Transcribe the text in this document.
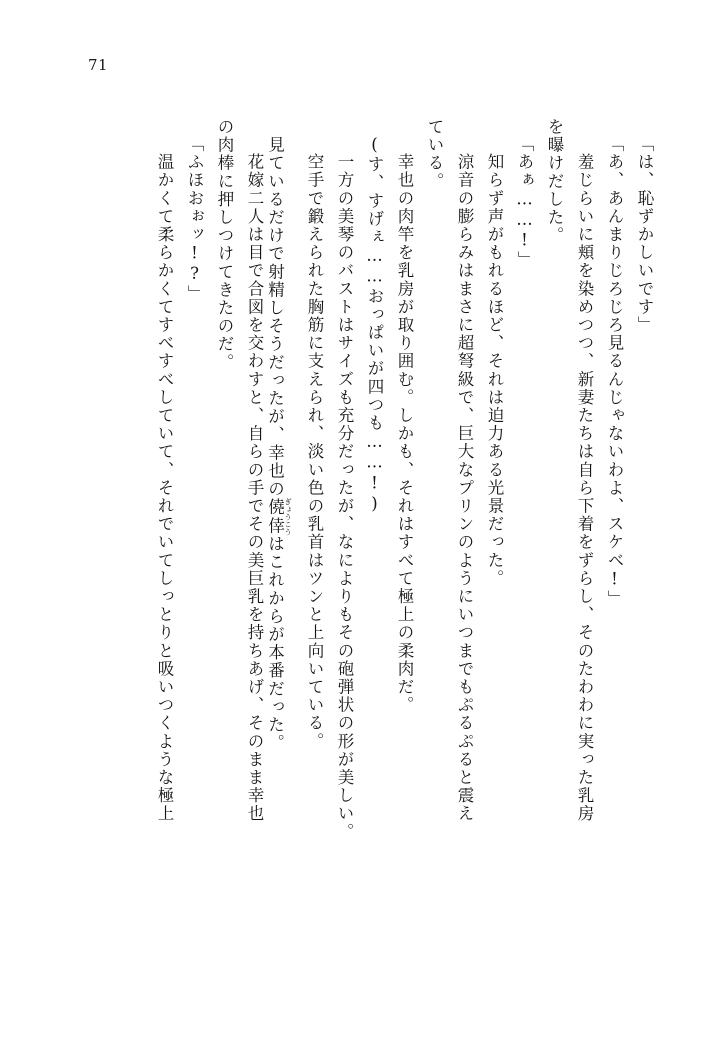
71
「は、恥ずかしいです」
「あ、あんまりじろじろ見るんじゃないわよ、スケベ!」
　羞じらいに頬を染めつつ、新妻たちは自ら下着をずらし、そのたわわに実った乳房
を曝けだした。
「あぁ……!」
　知らず声がもれるほど、それは迫力ある光景だった。
　涼音の膨らみはまさに超弩級で、巨大なプリンのようにいつまでもぷるぷると震え
ている。
　幸也の肉竿を乳房が取り囲む。しかも、それはすべて極上の柔肉だ。
(す、すげぇ……おっぱいが四つも……!)
　一方の美琴のバストはサイズも充分だったが、なによりもその砲弾状の形が美しい。
　空手で鍛えられた胸筋に支えられ、淡い色の乳首はツンと上向いている。
　見ているだけで射精しそうだったが、幸也の僥倖 ぎょうこうはこれからが本番だった。
　花嫁二人は目で合図を交わすと、自らの手でその美巨乳を持ちあげ、そのまま幸也
の肉棒に押しつけてきたのだ。
「ふほおぉッ!?」
　温かくて柔らかくてすべすべしていて、それでいてしっとりと吸いつくような極上
